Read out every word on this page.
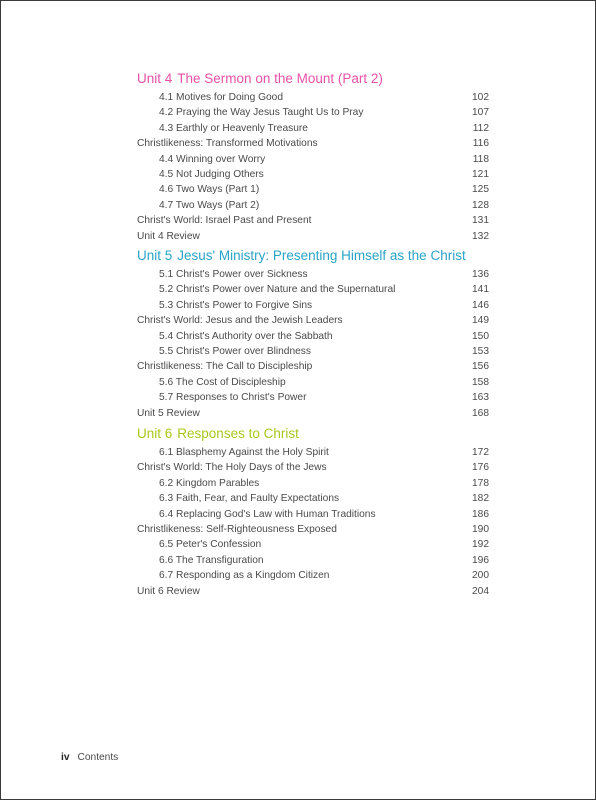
Unit 4 The Sermon on the Mount (Part 2)
4.1 Motives for Doing Good	102
4.2 Praying the Way Jesus Taught Us to Pray	107
4.3 Earthly or Heavenly Treasure	112
Christlikeness: Transformed Motivations	116
4.4 Winning over Worry	118
4.5 Not Judging Others	121
4.6 Two Ways (Part 1)	125
4.7 Two Ways (Part 2)	128
Christ's World: Israel Past and Present	131
Unit 4 Review	132
Unit 5 Jesus' Ministry: Presenting Himself as the Christ
5.1 Christ's Power over Sickness	136
5.2 Christ's Power over Nature and the Supernatural	141
5.3 Christ's Power to Forgive Sins	146
Christ's World: Jesus and the Jewish Leaders	149
5.4 Christ's Authority over the Sabbath	150
5.5 Christ's Power over Blindness	153
Christlikeness: The Call to Discipleship	156
5.6 The Cost of Discipleship	158
5.7 Responses to Christ's Power	163
Unit 5 Review	168
Unit 6 Responses to Christ
6.1 Blasphemy Against the Holy Spirit	172
Christ's World: The Holy Days of the Jews	176
6.2 Kingdom Parables	178
6.3 Faith, Fear, and Faulty Expectations	182
6.4 Replacing God's Law with Human Traditions	186
Christlikeness: Self-Righteousness Exposed	190
6.5 Peter's Confession	192
6.6 The Transfiguration	196
6.7 Responding as a Kingdom Citizen	200
Unit 6 Review	204
iv Contents
